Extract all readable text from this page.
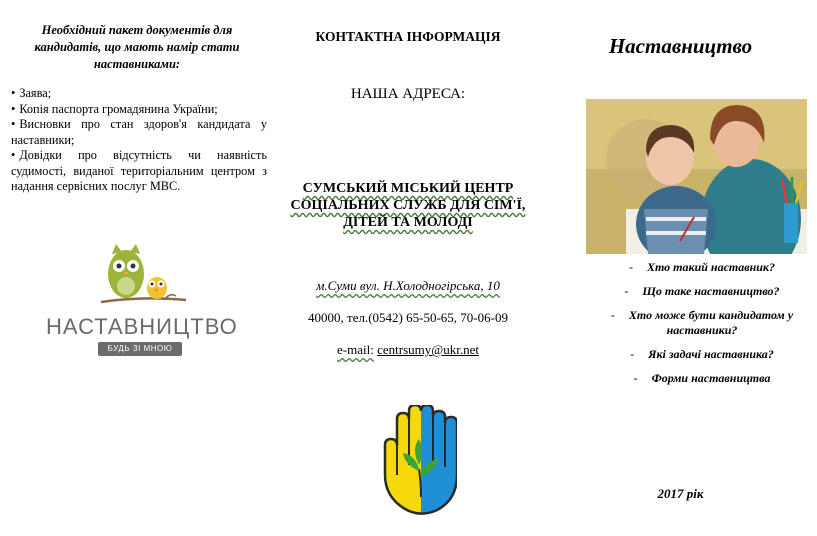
Необхідний пакет документів для кандидатів, що мають намір стати наставниками:
• Заява;
• Копія паспорта громадянина України;
• Висновки про стан здоров'я кандидата у наставники;
• Довідки про відсутність чи наявність судимості, виданої територіальним центром з надання сервісних послуг МВС.
НАСТАВНИЦТВО
БУДЬ ЗІ МНОЮ
КОНТАКТНА ІНФОРМАЦІЯ
НАША АДРЕСА:
СУМСЬКИЙ МІСЬКИЙ ЦЕНТР СОЦІАЛЬНИХ СЛУЖБ ДЛЯ СІМ'Ї, ДІТЕЙ ТА МОЛОДІ
м.Суми вул. Н.Холодногірська, 10
40000, тел.(0542) 65-50-65, 70-06-09
e-mail: centrsumy@ukr.net
Наставництво
- Хто такий наставник?
- Що таке наставництво?
- Хто може бути кандидатом у наставники?
- Які задачі наставника?
- Форми наставництва
2017 рік
